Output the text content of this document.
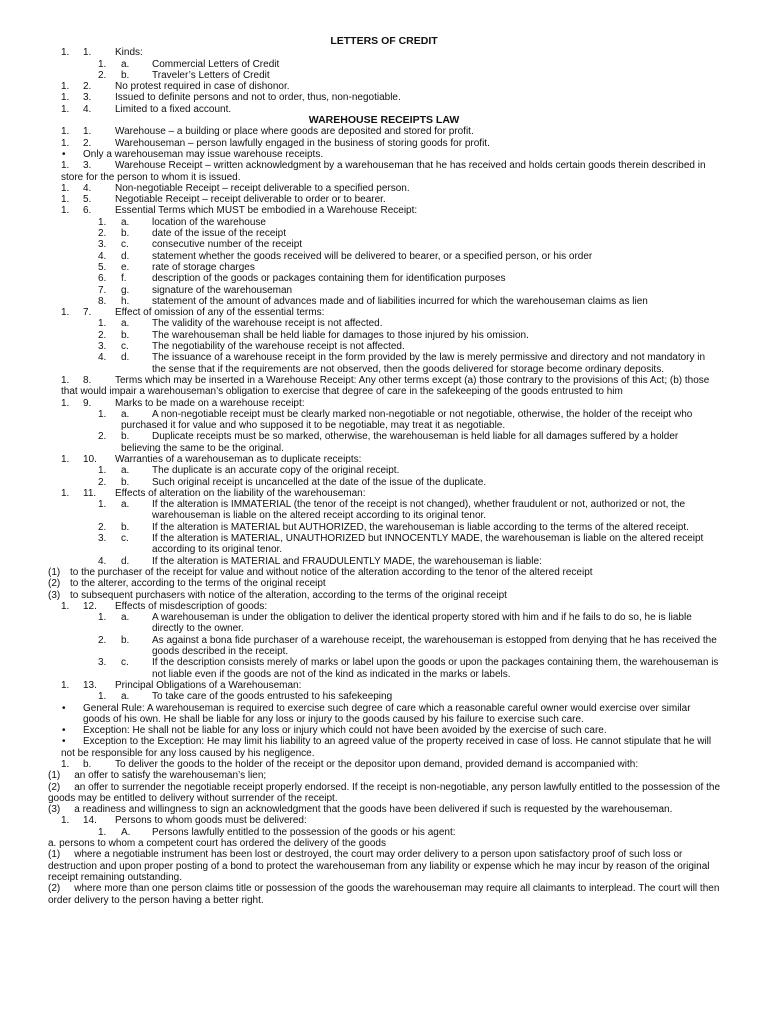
LETTERS OF CREDIT

1. 1.	Kinds:
1. a.	Commercial Letters of Credit
2. b.	Traveler’s Letters of Credit
1. 2.	No protest required in case of dishonor.
1. 3.	Issued to definite persons and not to order, thus, non-negotiable.
1. 4.	Limited to a fixed account.

WAREHOUSE RECEIPTS LAW

1. 1.	Warehouse – a building or place where goods are deposited and stored for profit.
1. 2.	Warehouseman – person lawfully engaged in the business of storing goods for profit.
•	Only a warehouseman may issue warehouse receipts.
1. 3.	Warehouse Receipt – written acknowledgment by a warehouseman that he has received and holds certain goods therein described in store for the person to whom it is issued.
1. 4.	Non-negotiable Receipt – receipt deliverable to a specified person.
1. 5.	Negotiable Receipt – receipt deliverable to order or to bearer.
1. 6.	Essential Terms which MUST be embodied in a Warehouse Receipt:
1. a.	location of the warehouse
2. b.	date of the issue of the receipt
3. c.	consecutive number of the receipt
4. d.	statement whether the goods received will be delivered to bearer, or a specified person, or his order
5. e.	rate of storage charges
6. f.	description of the goods or packages containing them for identification purposes
7. g.	signature of the warehouseman
8. h.	statement of the amount of advances made and of liabilities incurred for which the warehouseman claims as lien
1. 7.	Effect of omission of any of the essential terms:
1. a.	The validity of the warehouse receipt is not affected.
2. b.	The warehouseman shall be held liable for damages to those injured by his omission.
3. c.	The negotiability of the warehouse receipt is not affected.
4. d.	The issuance of a warehouse receipt in the form provided by the law is merely permissive and directory and not mandatory in the sense that if the requirements are not observed, then the goods delivered for storage become ordinary deposits.
1. 8.	Terms which may be inserted in a Warehouse Receipt: Any other terms except (a) those contrary to the provisions of this Act; (b) those that would impair a warehouseman’s obligation to exercise that degree of care in the safekeeping of the goods entrusted to him
1. 9.	Marks to be made on a warehouse receipt:
1. a.	A non-negotiable receipt must be clearly marked non-negotiable or not negotiable, otherwise, the holder of the receipt who purchased it for value and who supposed it to be negotiable, may treat it as negotiable.
2. b.	Duplicate receipts must be so marked, otherwise, the warehouseman is held liable for all damages suffered by a holder believing the same to be the original.
1. 10.	Warranties of a warehouseman as to duplicate receipts:
1. a.	The duplicate is an accurate copy of the original receipt.
2. b.	Such original receipt is uncancelled at the date of the issue of the duplicate.
1. 11.	Effects of alteration on the liability of the warehouseman:
1. a.	If the alteration is IMMATERIAL (the tenor of the receipt is not changed), whether fraudulent or not, authorized or not, the warehouseman is liable on the altered receipt according to its original tenor.
2. b.	If the alteration is MATERIAL but AUTHORIZED, the warehouseman is liable according to the terms of the altered receipt.
3. c.	If the alteration is MATERIAL, UNAUTHORIZED but INNOCENTLY MADE, the warehouseman is liable on the altered receipt according to its original tenor.
4. d.	If the alteration is MATERIAL and FRAUDULENTLY MADE, the warehouseman is liable:
(1) to the purchaser of the receipt for value and without notice of the alteration according to the tenor of the altered receipt
(2) to the alterer, according to the terms of the original receipt
(3) to subsequent purchasers with notice of the alteration, according to the terms of the original receipt
1. 12.	Effects of misdescription of goods:
1. a.	A warehouseman is under the obligation to deliver the identical property stored with him and if he fails to do so, he is liable directly to the owner.
2. b.	As against a bona fide purchaser of a warehouse receipt, the warehouseman is estopped from denying that he has received the goods described in the receipt.
3. c.	If the description consists merely of marks or label upon the goods or upon the packages containing them, the warehouseman is not liable even if the goods are not of the kind as indicated in the marks or labels.
1. 13.	Principal Obligations of a Warehouseman:
1. a.	To take care of the goods entrusted to his safekeeping
•	General Rule: A warehouseman is required to exercise such degree of care which a reasonable careful owner would exercise over similar goods of his own. He shall be liable for any loss or injury to the goods caused by his failure to exercise such care.
•	Exception: He shall not be liable for any loss or injury which could not have been avoided by the exercise of such care.
•	Exception to the Exception: He may limit his liability to an agreed value of the property received in case of loss. He cannot stipulate that he will not be responsible for any loss caused by his negligence.
1. b.	To deliver the goods to the holder of the receipt or the depositor upon demand, provided demand is accompanied with:
(1) an offer to satisfy the warehouseman’s lien;
(2) an offer to surrender the negotiable receipt properly endorsed. If the receipt is non-negotiable, any person lawfully entitled to the possession of the goods may be entitled to delivery without surrender of the receipt.
(3) a readiness and willingness to sign an acknowledgment that the goods have been delivered if such is requested by the warehouseman.
1. 14.	Persons to whom goods must be delivered:
1. A.	Persons lawfully entitled to the possession of the goods or his agent:
a. persons to whom a competent court has ordered the delivery of the goods
(1) where a negotiable instrument has been lost or destroyed, the court may order delivery to a person upon satisfactory proof of such loss or destruction and upon proper posting of a bond to protect the warehouseman from any liability or expense which he may incur by reason of the original receipt remaining outstanding.
(2) where more than one person claims title or possession of the goods the warehouseman may require all claimants to interplead. The court will then order delivery to the person having a better right.
